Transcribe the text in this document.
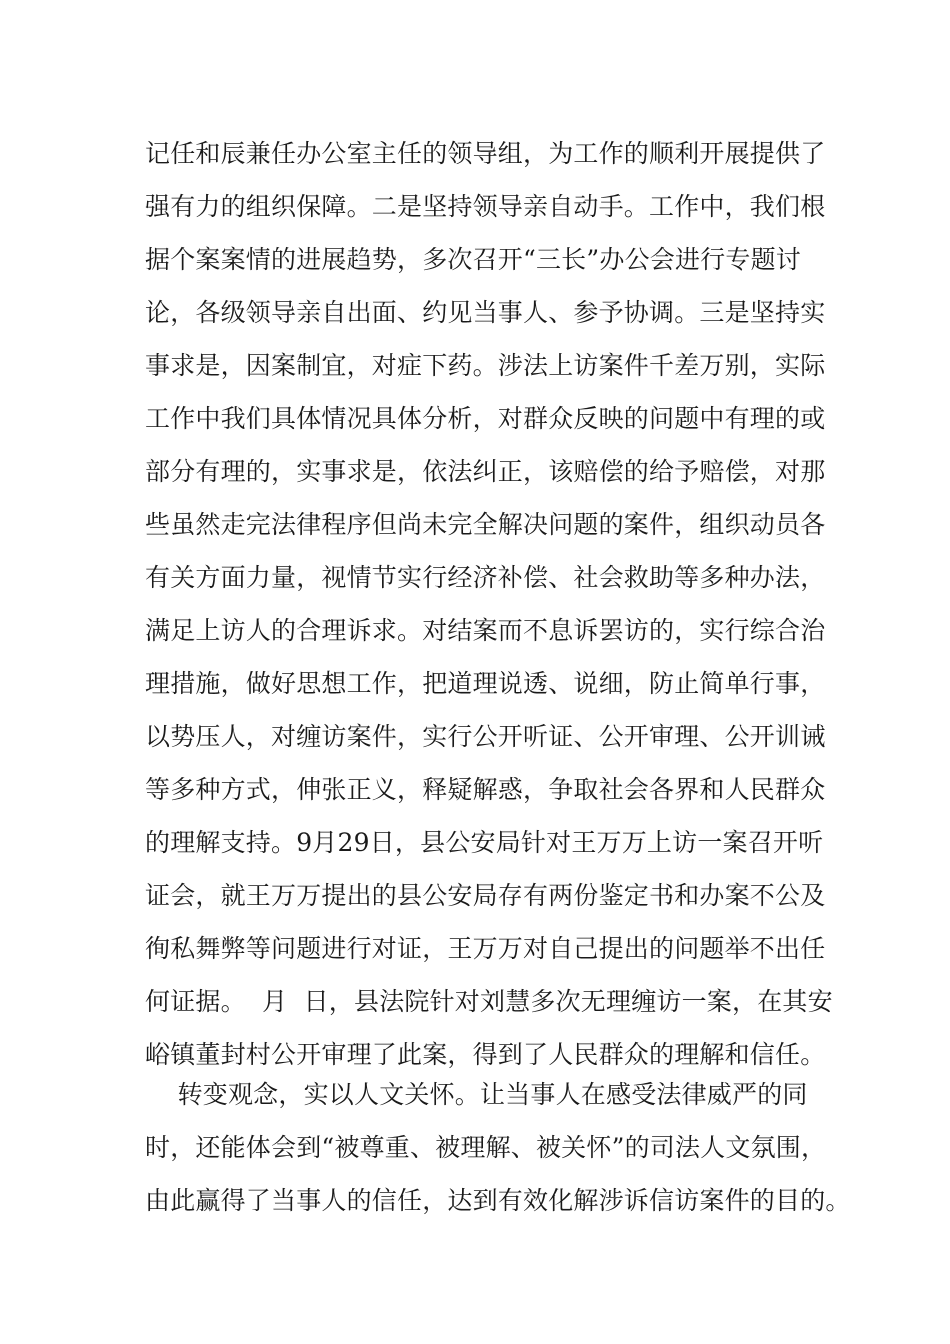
记任和辰兼任办公室主任的领导组，为工作的顺利开展提供了
强有力的组织保障。二是坚持领导亲自动手。工作中，我们根
据个案案情的进展趋势，多次召开“三长”办公会进行专题讨
论，各级领导亲自出面、约见当事人、参予协调。三是坚持实
事求是，因案制宜，对症下药。涉法上访案件千差万别，实际
工作中我们具体情况具体分析，对群众反映的问题中有理的或
部分有理的，实事求是，依法纠正，该赔偿的给予赔偿，对那
些虽然走完法律程序但尚未完全解决问题的案件，组织动员各
有关方面力量，视情节实行经济补偿、社会救助等多种办法，
满足上访人的合理诉求。对结案而不息诉罢访的，实行综合治
理措施，做好思想工作，把道理说透、说细，防止简单行事，
以势压人，对缠访案件，实行公开听证、公开审理、公开训诫
等多种方式，伸张正义，释疑解惑，争取社会各界和人民群众
的理解支持。9月29日，县公安局针对王万万上访一案召开听
证会，就王万万提出的县公安局存有两份鉴定书和办案不公及
徇私舞弊等问题进行对证，王万万对自己提出的问题举不出任
何证据。  月  日，县法院针对刘慧多次无理缠访一案，在其安
峪镇董封村公开审理了此案，得到了人民群众的理解和信任。
转变观念，实以人文关怀。让当事人在感受法律威严的同
时，还能体会到“被尊重、被理解、被关怀”的司法人文氛围，
由此赢得了当事人的信任，达到有效化解涉诉信访案件的目的。
